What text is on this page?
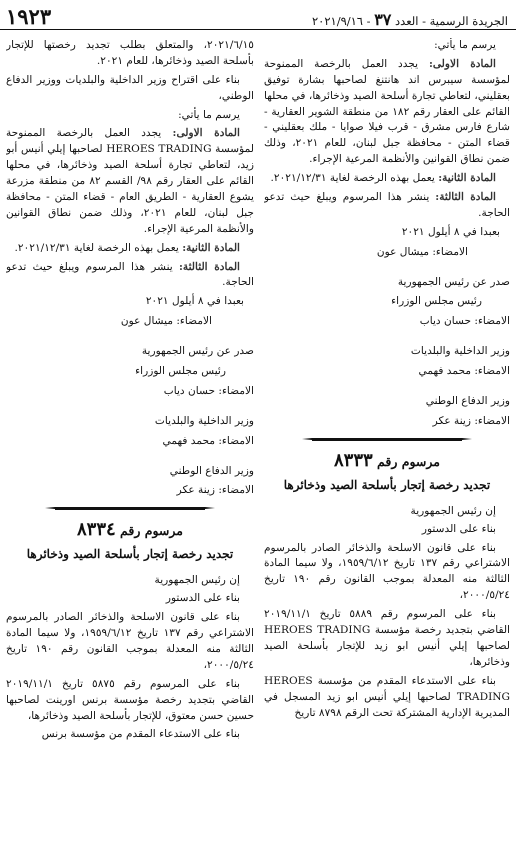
الجريدة الرسمية - العدد ٣٧ - ٢٠٢١/٩/١٦
١٩٢٣

يرسم ما يأتي:

المادة الاولى: يجدد العمل بالرخصة الممنوحة لمؤسسة سيبرس اند هانتنغ لصاحبها بشارة توفيق بعقليني، لتعاطي تجارة أسلحة الصيد وذخائرها، في محلها القائم على العقار رقم ١٨٢ من منطقة الشوير العقارية - شارع فارس مشرق - قرب فيلا صوايا - ملك بعقليني - قضاء المتن - محافظة جبل لبنان، للعام ٢٠٢١، وذلك ضمن نطاق القوانين والأنظمة المرعية الإجراء.

المادة الثانية: يعمل بهذه الرخصة لغاية ٢٠٢١/١٢/٣١.

المادة الثالثة: ينشر هذا المرسوم ويبلغ حيث تدعو الحاجة.

بعبدا في ٨ أيلول ٢٠٢١

الامضاء: ميشال عون

صدر عن رئيس الجمهورية

رئيس مجلس الوزراء

الامضاء: حسان دياب

وزير الداخلية والبلديات

الامضاء: محمد فهمي

وزير الدفاع الوطني

الامضاء: زينة عكر

مرسوم رقم ٨٣٣٣
تجديد رخصة إتجار بأسلحة الصيد وذخائرها

إن رئيس الجمهورية

بناء على الدستور

بناء على قانون الاسلحة والذخائر الصادر بالمرسوم الاشتراعي رقم ١٣٧ تاريخ ١٩٥٩/٦/١٢، ولا سيما المادة الثالثة منه المعدلة بموجب القانون رقم ١٩٠ تاريخ ٢٠٠٠/٥/٢٤،

بناء على المرسوم رقم ٥٨٨٩ تاريخ ٢٠١٩/١١/١ القاضي بتجديد رخصة مؤسسة HEROES TRADING لصاحبها إيلي أنيس ابو زيد للإتجار بأسلحة الصيد وذخائرها،

بناء على الاستدعاء المقدم من مؤسسة HEROES TRADING لصاحبها إيلي أنيس ابو زيد المسجل في المديرية الإدارية المشتركة تحت الرقم ٨٧٩٨ تاريخ

٢٠٢١/٦/١٥، والمتعلق بطلب تجديد رخصتها للإتجار بأسلحة الصيد وذخائرها، للعام ٢٠٢١.

بناء على اقتراح وزير الداخلية والبلديات ووزير الدفاع الوطني،

يرسم ما يأتي:

المادة الاولى: يجدد العمل بالرخصة الممنوحة لمؤسسة HEROES TRADING لصاحبها إيلي أنيس أبو زيد، لتعاطي تجارة أسلحة الصيد وذخائرها، في محلها القائم على العقار رقم ٩٨/ القسم ٨٢ من منطقة مزرعة يشوع العقارية - الطريق العام - قضاء المتن - محافظة جبل لبنان، للعام ٢٠٢١، وذلك ضمن نطاق القوانين والأنظمة المرعية الإجراء.

المادة الثانية: يعمل بهذه الرخصة لغاية ٢٠٢١/١٢/٣١.

المادة الثالثة: ينشر هذا المرسوم ويبلغ حيث تدعو الحاجة.

بعبدا في ٨ أيلول ٢٠٢١

الامضاء: ميشال عون

صدر عن رئيس الجمهورية

رئيس مجلس الوزراء

الامضاء: حسان دياب

وزير الداخلية والبلديات

الامضاء: محمد فهمي

وزير الدفاع الوطني

الامضاء: زينة عكر

مرسوم رقم ٨٣٣٤
تجديد رخصة إتجار بأسلحة الصيد وذخائرها

إن رئيس الجمهورية

بناء على الدستور

بناء على قانون الاسلحة والذخائر الصادر بالمرسوم الاشتراعي رقم ١٣٧ تاريخ ١٩٥٩/٦/١٢، ولا سيما المادة الثالثة منه المعدلة بموجب القانون رقم ١٩٠ تاريخ ٢٠٠٠/٥/٢٤،

بناء على المرسوم رقم ٥٨٧٥ تاريخ ٢٠١٩/١١/١ القاضي بتجديد رخصة مؤسسة برنس اورينت لصاحبها حسين حسن معتوق، للإتجار بأسلحة الصيد وذخائرها،

بناء على الاستدعاء المقدم من مؤسسة برنس
